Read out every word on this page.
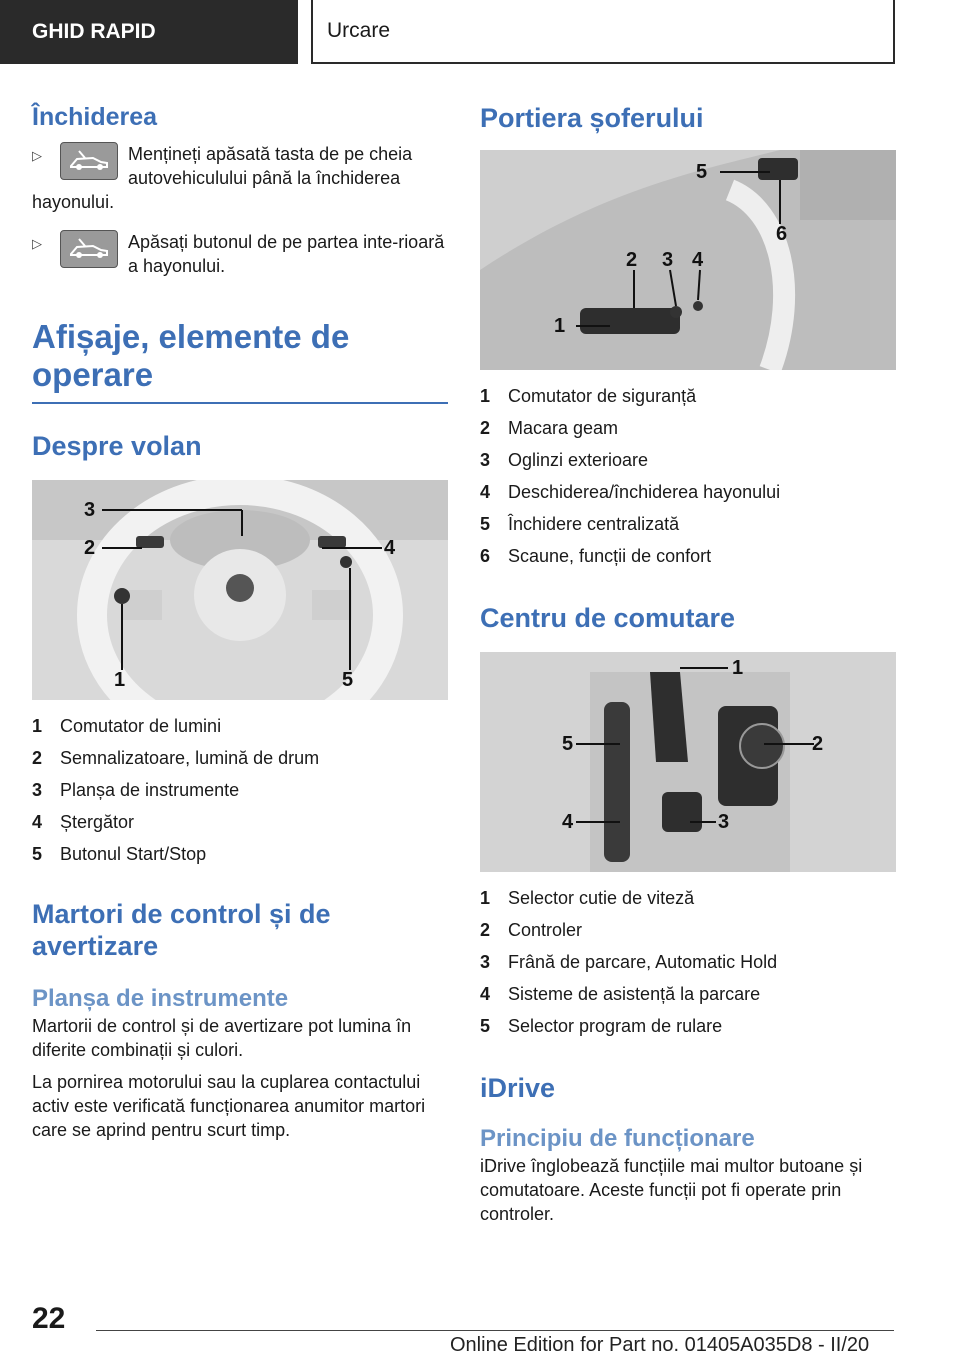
GHID RAPID	Urcare
Închiderea
▷	Mențineți apăsată tasta de pe cheia autovehiculului până la închiderea hayonului.
▷	Apăsați butonul de pe partea inte-rioară a hayonului.
Afișaje, elemente de operare
Despre volan
3
2	4
1	5
1 Comutator de lumini
2 Semnalizatoare, lumină de drum
3 Planșa de instrumente
4 Ștergător
5 Butonul Start/Stop
Martori de control și de avertizare
Planșa de instrumente

Martorii de control și de avertizare pot lumina în diferite combinații și culori.

La pornirea motorului sau la cuplarea contactului activ este verificată funcționarea anumitor martori care se aprind pentru scurt timp.

Portiera șoferului
1
2 3 4
5
6
1 Comutator de siguranță
2 Macara geam
3 Oglinzi exterioare
4 Deschiderea/închiderea hayonului
5 Închidere centralizată
6 Scaune, funcții de confort
Centru de comutare
1
2
3
4
5
1 Selector cutie de viteză
2 Controler
3 Frână de parcare, Automatic Hold
4 Sisteme de asistență la parcare
5 Selector program de rulare
iDrive
Principiu de funcționare

iDrive înglobează funcțiile mai multor butoane și comutatoare. Aceste funcții pot fi operate prin controler.

22
Online Edition for Part no. 01405A035D8 - II/20
